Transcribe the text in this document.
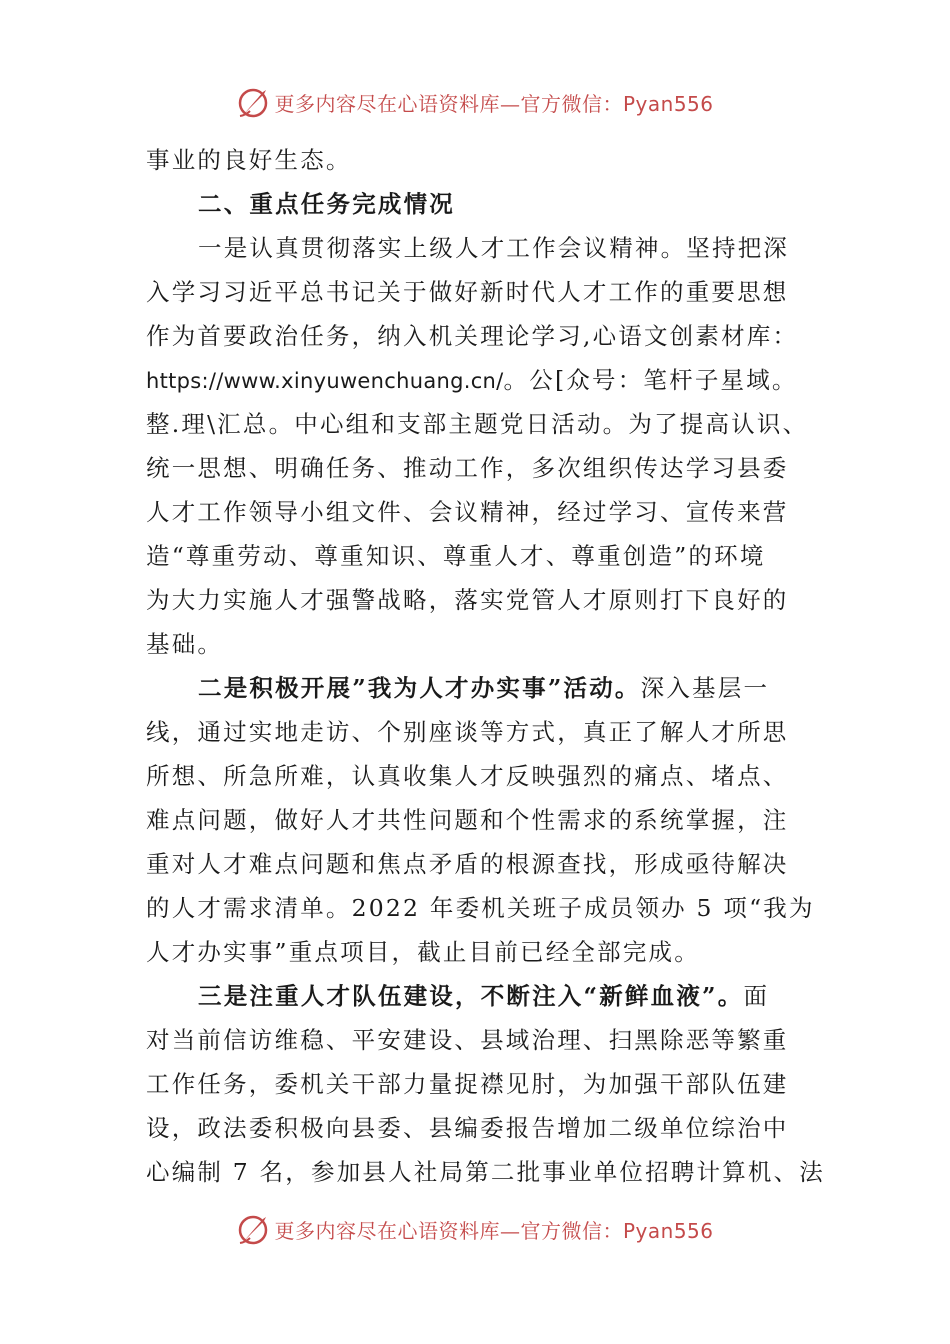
更多内容尽在心语资料库—官方微信：Pyan556
事业的良好生态。
二、重点任务完成情况
一是认真贯彻落实上级人才工作会议精神。坚持把深
入学习习近平总书记关于做好新时代人才工作的重要思想
作为首要政治任务，纳入机关理论学习,心语文创素材库：
https://www.xinyuwenchuang.cn/。公[众号：笔杆子星域。
整.理\汇总。中心组和支部主题党日活动。为了提高认识、
统一思想、明确任务、推动工作，多次组织传达学习县委
人才工作领导小组文件、会议精神，经过学习、宣传来营
造“尊重劳动、尊重知识、尊重人才、尊重创造”的环境
为大力实施人才强警战略，落实党管人才原则打下良好的
基础。
二是积极开展”我为人才办实事”活动。深入基层一
线，通过实地走访、个别座谈等方式，真正了解人才所思
所想、所急所难，认真收集人才反映强烈的痛点、堵点、
难点问题，做好人才共性问题和个性需求的系统掌握，注
重对人才难点问题和焦点矛盾的根源查找，形成亟待解决
的人才需求清单。2022 年委机关班子成员领办 5 项“我为
人才办实事”重点项目，截止目前已经全部完成。
三是注重人才队伍建设，不断注入“新鲜血液”。面
对当前信访维稳、平安建设、县域治理、扫黑除恶等繁重
工作任务，委机关干部力量捉襟见肘，为加强干部队伍建
设，政法委积极向县委、县编委报告增加二级单位综治中
心编制 7 名，参加县人社局第二批事业单位招聘计算机、法
更多内容尽在心语资料库—官方微信：Pyan556
